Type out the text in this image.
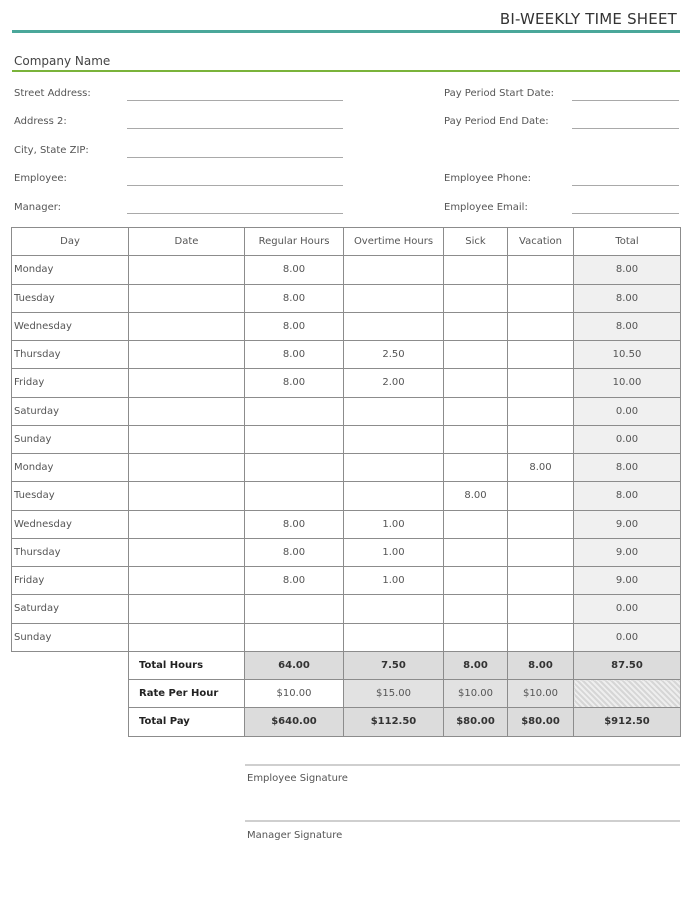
BI-WEEKLY TIME SHEET
Company Name
Street Address:
Address 2:
City, State ZIP:
Employee:
Manager:
Pay Period Start Date:
Pay Period End Date:
Employee Phone:
Employee Email:
Day	Date	Regular Hours	Overtime Hours	Sick	Vacation	Total
Monday		8.00				8.00
Tuesday		8.00				8.00
Wednesday		8.00				8.00
Thursday		8.00	2.50			10.50
Friday		8.00	2.00			10.00
Saturday						0.00
Sunday						0.00
Monday					8.00	8.00
Tuesday				8.00		8.00
Wednesday		8.00	1.00			9.00
Thursday		8.00	1.00			9.00
Friday		8.00	1.00			9.00
Saturday						0.00
Sunday						0.00
	Total Hours	64.00	7.50	8.00	8.00	87.50
	Rate Per Hour	$10.00	$15.00	$10.00	$10.00	
	Total Pay	$640.00	$112.50	$80.00	$80.00	$912.50
Employee Signature
Manager Signature
